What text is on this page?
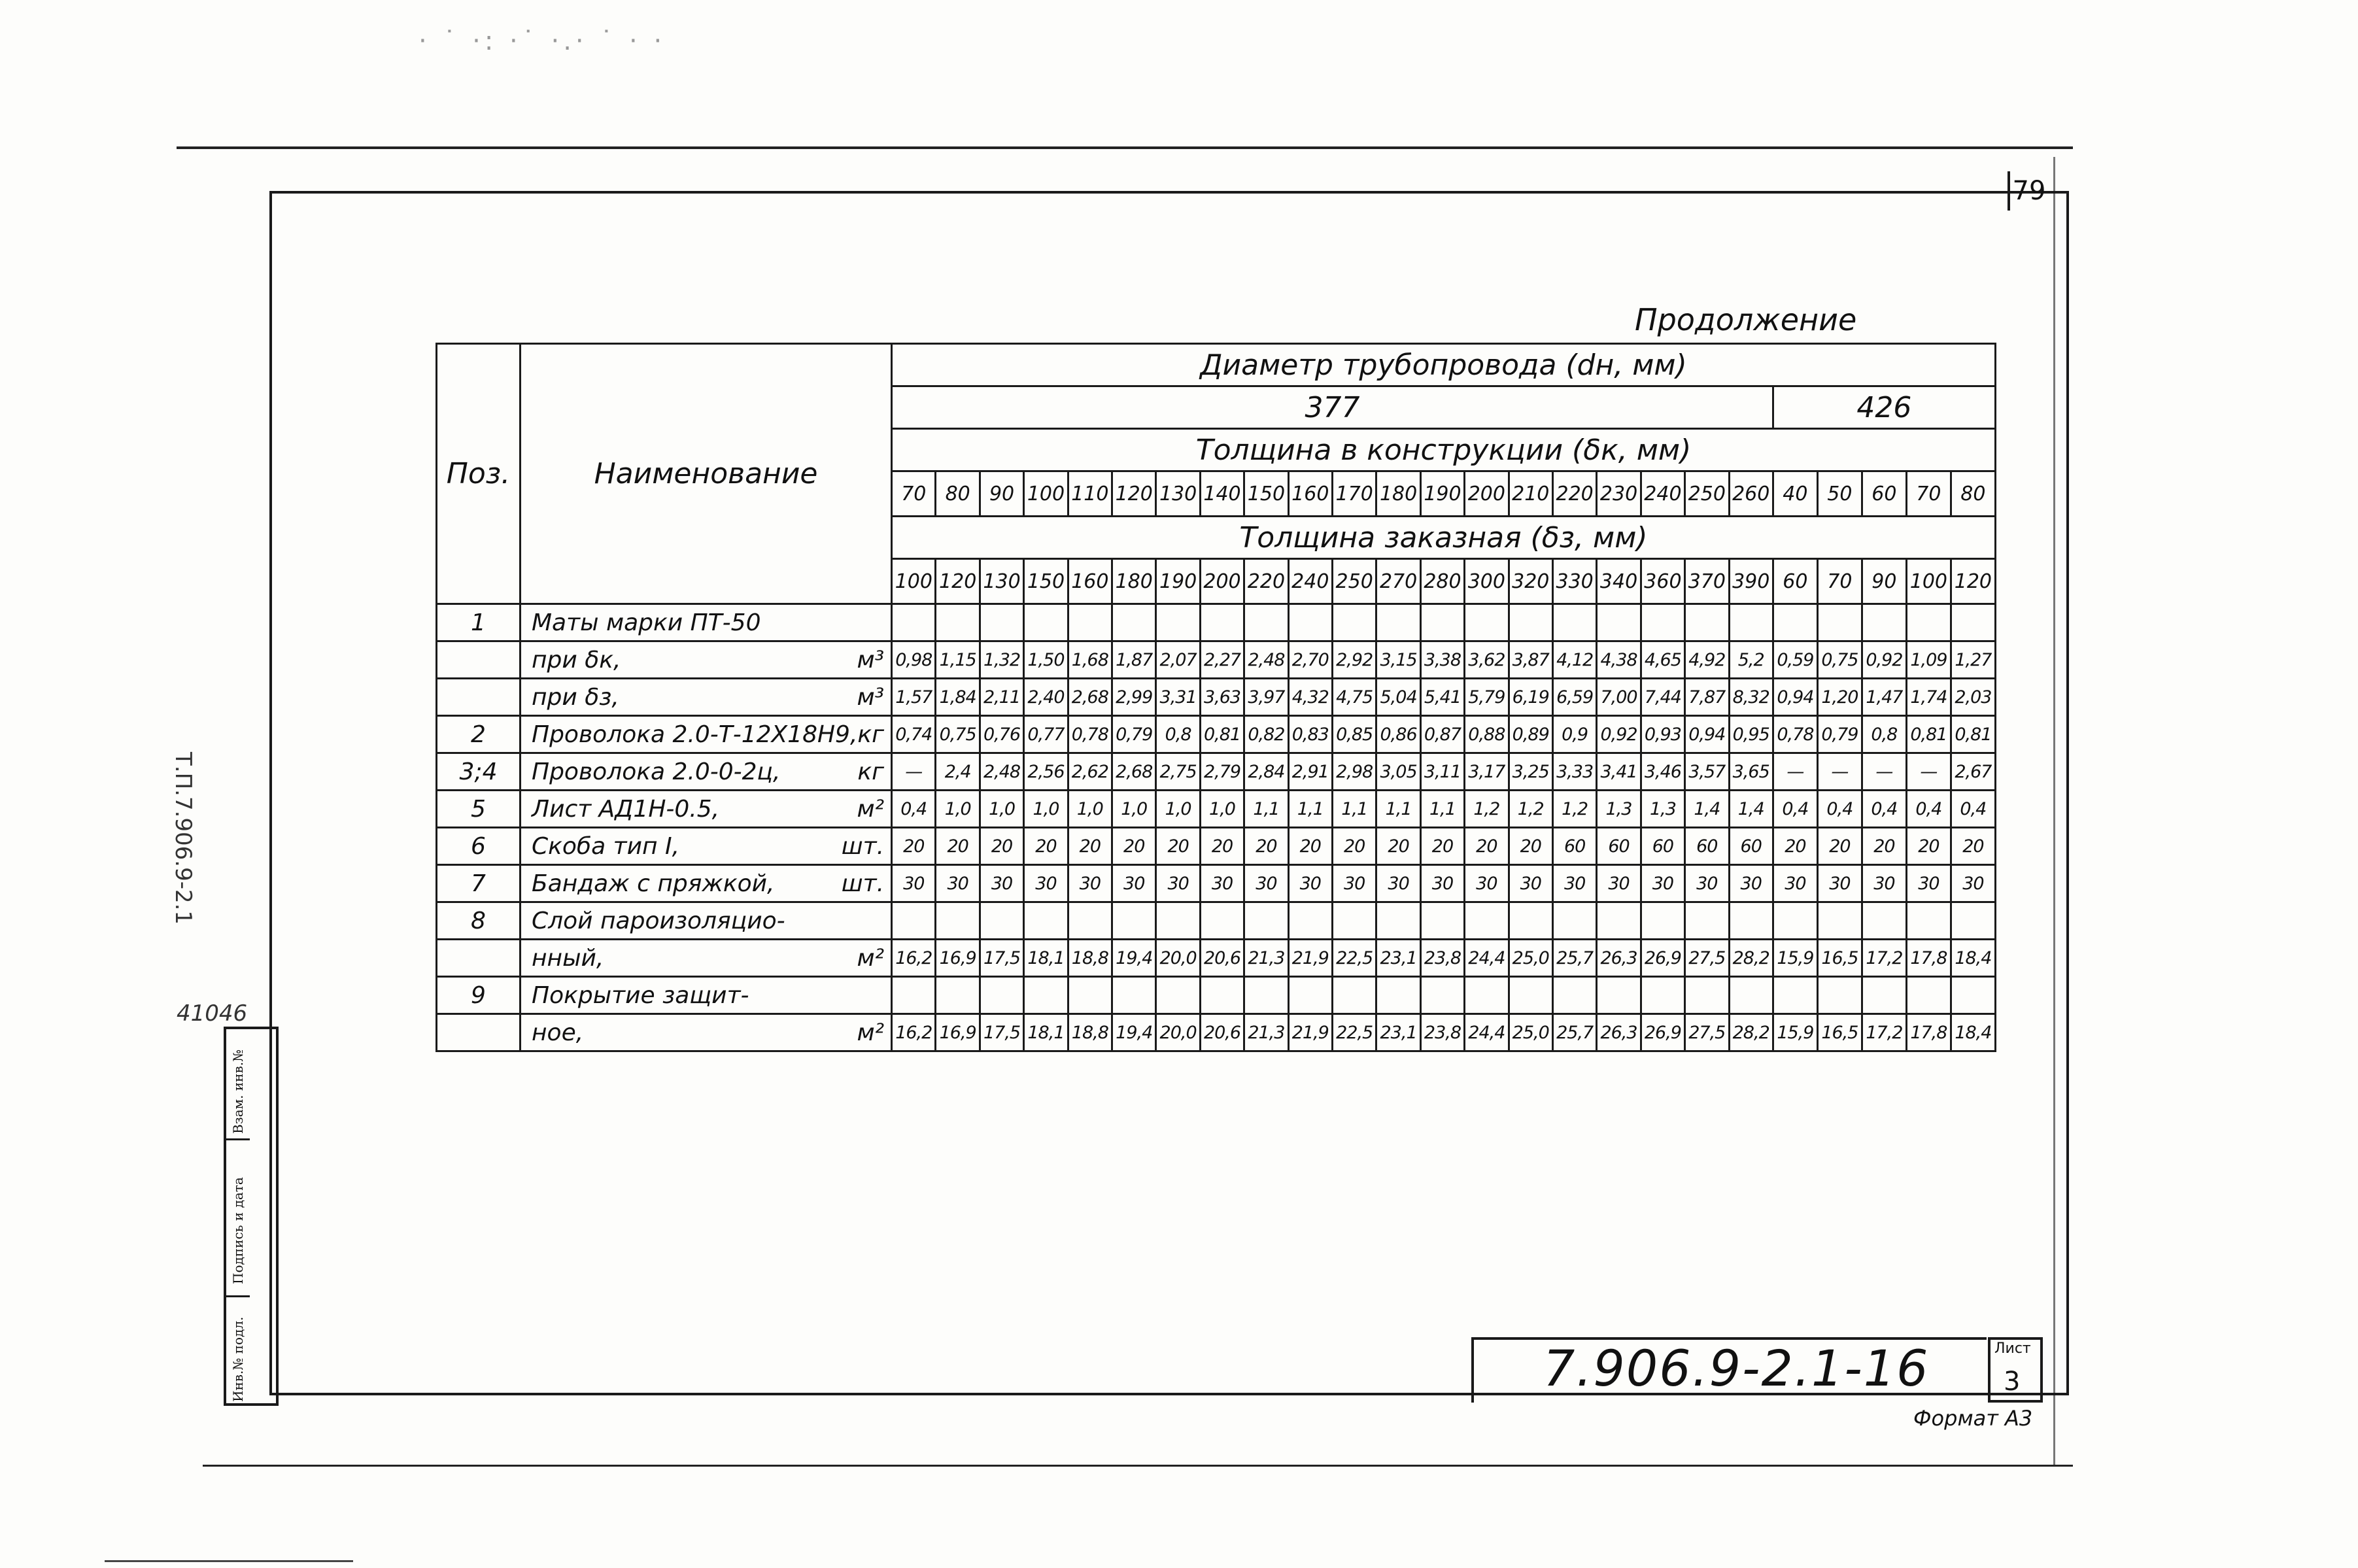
· ˙ ·: ·˙ ·.· ˙ · ·
79
Продолжение
Поз.	Наименование	Диаметр трубопровода (dн, мм)																								
		377																				426				
		Толщина в конструкции (δк, мм)																								
		70	80	90	100	110	120	130	140	150	160	170	180	190	200	210	220	230	240	250	260	40	50	60	70	80
		Толщина заказная (δз, мм)																								
		100	120	130	150	160	180	190	200	220	240	250	270	280	300	320	330	340	360	370	390	60	70	90	100	120
1	Маты марки ПТ-50																									

	при δк, м³	0,98	1,15	1,32	1,50	1,68	1,87	2,07	2,27	2,48	2,70	2,92	3,15	3,38	3,62	3,87	4,12	4,38	4,65	4,92	5,2	0,59	0,75	0,92	1,09	1,27

	при δз, м³	1,57	1,84	2,11	2,40	2,68	2,99	3,31	3,63	3,97	4,32	4,75	5,04	5,41	5,79	6,19	6,59	7,00	7,44	7,87	8,32	0,94	1,20	1,47	1,74	2,03
2	Проволока 2.0-Т-12Х18Н9, кг	0,74	0,75	0,76	0,77	0,78	0,79	0,8	0,81	0,82	0,83	0,85	0,86	0,87	0,88	0,89	0,9	0,92	0,93	0,94	0,95	0,78	0,79	0,8	0,81	0,81
3;4	Проволока 2.0-0-2ц, кг	—	2,4	2,48	2,56	2,62	2,68	2,75	2,79	2,84	2,91	2,98	3,05	3,11	3,17	3,25	3,33	3,41	3,46	3,57	3,65	—	—	—	—	2,67
5	Лист АД1Н-0.5, м²	0,4	1,0	1,0	1,0	1,0	1,0	1,0	1,0	1,1	1,1	1,1	1,1	1,1	1,2	1,2	1,2	1,3	1,3	1,4	1,4	0,4	0,4	0,4	0,4	0,4
6	Скоба тип I, шт.	20	20	20	20	20	20	20	20	20	20	20	20	20	20	20	60	60	60	60	60	20	20	20	20	20
7	Бандаж с пряжкой, шт.	30	30	30	30	30	30	30	30	30	30	30	30	30	30	30	30	30	30	30	30	30	30	30	30	30
8	Слой пароизоляцио-																									

	нный, м²	16,2	16,9	17,5	18,1	18,8	19,4	20,0	20,6	21,3	21,9	22,5	23,1	23,8	24,4	25,0	25,7	26,3	26,9	27,5	28,2	15,9	16,5	17,2	17,8	18,4
9	Покрытие защит-																									

	ное, м²	16,2	16,9	17,5	18,1	18,8	19,4	20,0	20,6	21,3	21,9	22,5	23,1	23,8	24,4	25,0	25,7	26,3	26,9	27,5	28,2	15,9	16,5	17,2	17,8	18,4
7.906.9-2.1-16	Лист
3
Формат А3
Т.П.7.906.9-2.1
41046
Взам. инв.№
Подпись и дата
Инв.№ подл.
